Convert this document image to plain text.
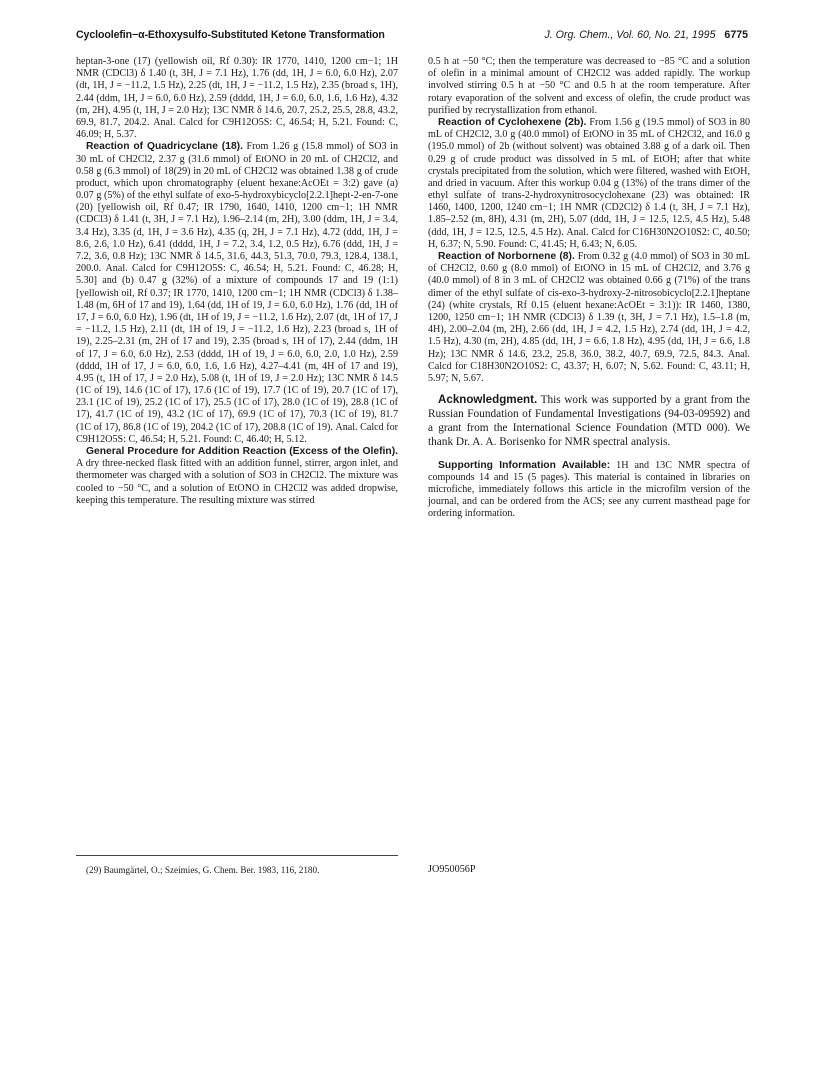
Cycloolefin−α-Ethoxysulfo-Substituted Ketone Transformation	J. Org. Chem., Vol. 60, No. 21, 1995 6775

heptan-3-one (17) (yellowish oil, Rf 0.30): IR 1770, 1410, 1200 cm−1; 1H NMR (CDCl3) δ 1.40 (t, 3H, J = 7.1 Hz), 1.76 (dd, 1H, J = 6.0, 6.0 Hz), 2.07 (dt, 1H, J = −11.2, 1.5 Hz), 2.25 (dt, 1H, J = −11.2, 1.5 Hz), 2.35 (broad s, 1H), 2.44 (ddm, 1H, J = 6.0, 6.0 Hz), 2.59 (dddd, 1H, J = 6.0, 6.0, 1.6, 1.6 Hz), 4.32 (m, 2H), 4.95 (t, 1H, J = 2.0 Hz); 13C NMR δ 14.6, 20.7, 25.2, 25.5, 28.8, 43.2, 69.9, 81.7, 204.2. Anal. Calcd for C9H12O5S: C, 46.54; H, 5.21. Found: C, 46.09; H, 5.37.

Reaction of Quadricyclane (18). From 1.26 g (15.8 mmol) of SO3 in 30 mL of CH2Cl2, 2.37 g (31.6 mmol) of EtONO in 20 mL of CH2Cl2, and 0.58 g (6.3 mmol) of 18(29) in 20 mL of CH2Cl2 was obtained 1.38 g of crude product, which upon chromatography (eluent hexane:AcOEt = 3:2) gave (a) 0.07 g (5%) of the ethyl sulfate of exo-5-hydroxybicyclo[2.2.1]hept-2-en-7-one (20) [yellowish oil, Rf 0.47; IR 1790, 1640, 1410, 1200 cm−1; 1H NMR (CDCl3) δ 1.41 (t, 3H, J = 7.1 Hz), 1.96–2.14 (m, 2H), 3.00 (ddm, 1H, J = 3.4, 3.4 Hz), 3.35 (d, 1H, J = 3.6 Hz), 4.35 (q, 2H, J = 7.1 Hz), 4.72 (ddd, 1H, J = 8.6, 2.6, 1.0 Hz), 6.41 (dddd, 1H, J = 7.2, 3.4, 1.2, 0.5 Hz), 6.76 (ddd, 1H, J = 7.2, 3.6, 0.8 Hz); 13C NMR δ 14.5, 31.6, 44.3, 51.3, 70.0, 79.3, 128.4, 138.1, 200.0. Anal. Calcd for C9H12O5S: C, 46.54; H, 5.21. Found: C, 46.28; H, 5.30] and (b) 0.47 g (32%) of a mixture of compounds 17 and 19 (1:1) [yellowish oil, Rf 0.37; IR 1770, 1410, 1200 cm−1; 1H NMR (CDCl3) δ 1.38–1.48 (m, 6H of 17 and 19), 1.64 (dd, 1H of 19, J = 6.0, 6.0 Hz), 1.76 (dd, 1H of 17, J = 6.0, 6.0 Hz), 1.96 (dt, 1H of 19, J = −11.2, 1.6 Hz), 2.07 (dt, 1H of 17, J = −11.2, 1.5 Hz), 2.11 (dt, 1H of 19, J = −11.2, 1.6 Hz), 2.23 (broad s, 1H of 19), 2.25–2.31 (m, 2H of 17 and 19), 2.35 (broad s, 1H of 17), 2.44 (ddm, 1H of 17, J = 6.0, 6.0 Hz), 2.53 (dddd, 1H of 19, J = 6.0, 6.0, 2.0, 1.0 Hz), 2.59 (dddd, 1H of 17, J = 6.0, 6.0, 1.6, 1.6 Hz), 4.27–4.41 (m, 4H of 17 and 19), 4.95 (t, 1H of 17, J = 2.0 Hz), 5.08 (t, 1H of 19, J = 2.0 Hz); 13C NMR δ 14.5 (1C of 19), 14.6 (1C of 17), 17.6 (1C of 19), 17.7 (1C of 19), 20.7 (1C of 17), 23.1 (1C of 19), 25.2 (1C of 17), 25.5 (1C of 17), 28.0 (1C of 19), 28.8 (1C of 17), 41.7 (1C of 19), 43.2 (1C of 17), 69.9 (1C of 17), 70.3 (1C of 19), 81.7 (1C of 17), 86.8 (1C of 19), 204.2 (1C of 17), 208.8 (1C of 19). Anal. Calcd for C9H12O5S: C, 46.54; H, 5.21. Found: C, 46.40; H, 5.12.

General Procedure for Addition Reaction (Excess of the Olefin). A dry three-necked flask fitted with an addition funnel, stirrer, argon inlet, and thermometer was charged with a solution of SO3 in CH2Cl2. The mixture was cooled to −50 °C, and a solution of EtONO in CH2Cl2 was added dropwise, keeping this temperature. The resulting mixture was stirred

0.5 h at −50 °C; then the temperature was decreased to −85 °C and a solution of olefin in a minimal amount of CH2Cl2 was added rapidly. The workup involved stirring 0.5 h at −50 °C and 0.5 h at the room temperature. After rotary evaporation of the solvent and excess of olefin, the crude product was purified by recrystallization from ethanol.

Reaction of Cyclohexene (2b). From 1.56 g (19.5 mmol) of SO3 in 80 mL of CH2Cl2, 3.0 g (40.0 mmol) of EtONO in 35 mL of CH2Cl2, and 16.0 g (195.0 mmol) of 2b (without solvent) was obtained 3.88 g of a dark oil. Then 0.29 g of crude product was dissolved in 5 mL of EtOH; after that white crystals precipitated from the solution, which were filtered, washed with EtOH, and dried in vacuum. After this workup 0.04 g (13%) of the trans dimer of the ethyl sulfate of trans-2-hydroxynitrosocyclohexane (23) was obtained: IR 1460, 1400, 1200, 1240 cm−1; 1H NMR (CD2Cl2) δ 1.4 (t, 3H, J = 7.1 Hz), 1.85–2.52 (m, 8H), 4.31 (m, 2H), 5.07 (ddd, 1H, J = 12.5, 12.5, 4.5 Hz), 5.48 (ddd, 1H, J = 12.5, 12.5, 4.5 Hz). Anal. Calcd for C16H30N2O10S2: C, 40.50; H, 6.37; N, 5.90. Found: C, 41.45; H, 6.43; N, 6.05.

Reaction of Norbornene (8). From 0.32 g (4.0 mmol) of SO3 in 30 mL of CH2Cl2, 0.60 g (8.0 mmol) of EtONO in 15 mL of CH2Cl2, and 3.76 g (40.0 mmol) of 8 in 3 mL of CH2Cl2 was obtained 0.66 g (71%) of the trans dimer of the ethyl sulfate of cis-exo-3-hydroxy-2-nitrosobicyclo[2.2.1]heptane (24) (white crystals, Rf 0.15 (eluent hexane:AcOEt = 3:1)): IR 1460, 1380, 1200, 1250 cm−1; 1H NMR (CDCl3) δ 1.39 (t, 3H, J = 7.1 Hz), 1.5–1.8 (m, 4H), 2.00–2.04 (m, 2H), 2.66 (dd, 1H, J = 4.2, 1.5 Hz), 2.74 (dd, 1H, J = 4.2, 1.5 Hz), 4.30 (m, 2H), 4.85 (dd, 1H, J = 6.6, 1.8 Hz), 4.95 (dd, 1H, J = 6.6, 1.8 Hz); 13C NMR δ 14.6, 23.2, 25.8, 36.0, 38.2, 40.7, 69.9, 72.5, 84.3. Anal. Calcd for C18H30N2O10S2: C, 43.37; H, 6.07; N, 5.62. Found: C, 43.11; H, 5.97; N, 5.67.

Acknowledgment. This work was supported by a grant from the Russian Foundation of Fundamental Investigations (94-03-09592) and a grant from the International Science Foundation (MTD 000). We thank Dr. A. A. Borisenko for NMR spectral analysis.

Supporting Information Available: 1H and 13C NMR spectra of compounds 14 and 15 (5 pages). This material is contained in libraries on microfiche, immediately follows this article in the microfilm version of the journal, and can be ordered from the ACS; see any current masthead page for ordering information.

(29) Baumgärtel, O.; Szeimies, G. Chem. Ber. 1983, 116, 2180.	JO950056P
